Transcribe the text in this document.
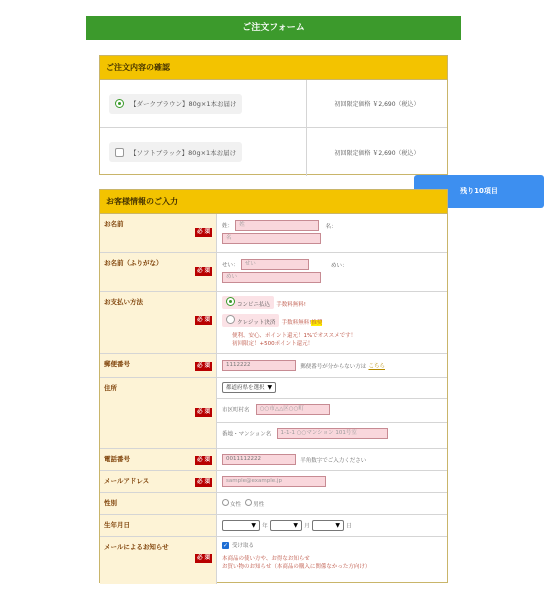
ご注文フォーム
ご注文内容の確認
【ダークブラウン】80g×1本お届け	初回限定価格 ￥2,690（税込）
【ソフトブラック】80g×1本お届け	初回限定価格 ￥2,690（税込）
残り10項目
お客様情報のご入力
お名前
必 須
姓： 姓	名：
名
お名前（ふりがな）
必 須
せい： せい	めい：
めい
お支払い方法
必 須
コンビニ払込 手数料無料!
クレジット決済 手数料無料!推奨
便利、安心、ポイント還元！1%でオススメです！
初回限定！+500ポイント還元！
郵便番号	必 須	1112222	郵便番号が分からない方は こちら
住所
必 須
都道府県を選択 ▼
市区町村名 ○○市△△区○○町
番地・マンション名 1-1-1 ○○マンション 101号室
電話番号	必 須	0011112222	半角数字でご入力ください
メールアドレス	必 須	sample@example.jp
性別	女性 男性
生年月日	▼ 年	▼ 月	▼ 日
メールによるお知らせ
必 須
✓ 受け取る
本商品の使い方や、お得なお知らせ
お買い物のお知らせ（本商品の購入に関係なかった方向け）
